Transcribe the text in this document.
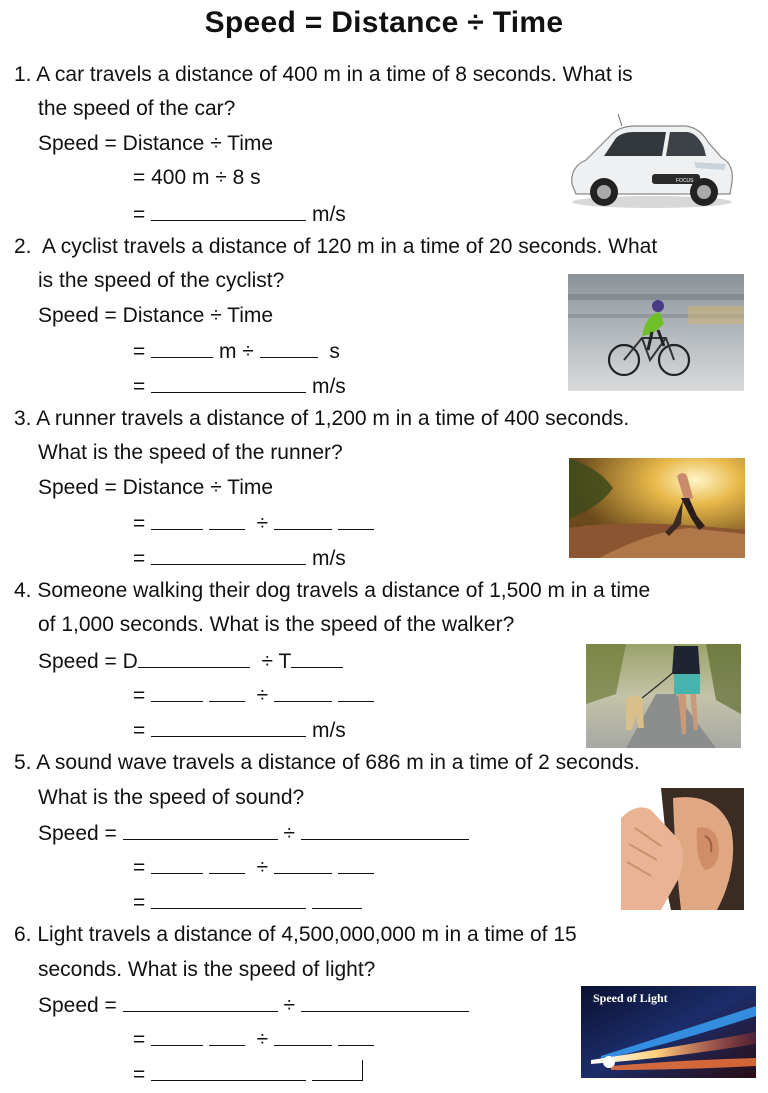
Speed = Distance ÷ Time
1. A car travels a distance of 400 m in a time of 8 seconds. What is
the speed of the car?
Speed = Distance ÷ Time
= 400 m ÷ 8 s
=	m/s
2. A cyclist travels a distance of 120 m in a time of 20 seconds. What
is the speed of the cyclist?
Speed = Distance ÷ Time
=	m ÷	s
=	m/s
3. A runner travels a distance of 1,200 m in a time of 400 seconds.
What is the speed of the runner?
Speed = Distance ÷ Time
=	÷
=	m/s
4. Someone walking their dog travels a distance of 1,500 m in a time
of 1,000 seconds. What is the speed of the walker?
Speed = D	÷ T
=	÷
=	m/s
5. A sound wave travels a distance of 686 m in a time of 2 seconds.
What is the speed of sound?
Speed =	÷
=	÷
=
6. Light travels a distance of 4,500,000,000 m in a time of 15
seconds. What is the speed of light?
Speed =	÷
=	÷
=
FOCUS
Speed of Light
